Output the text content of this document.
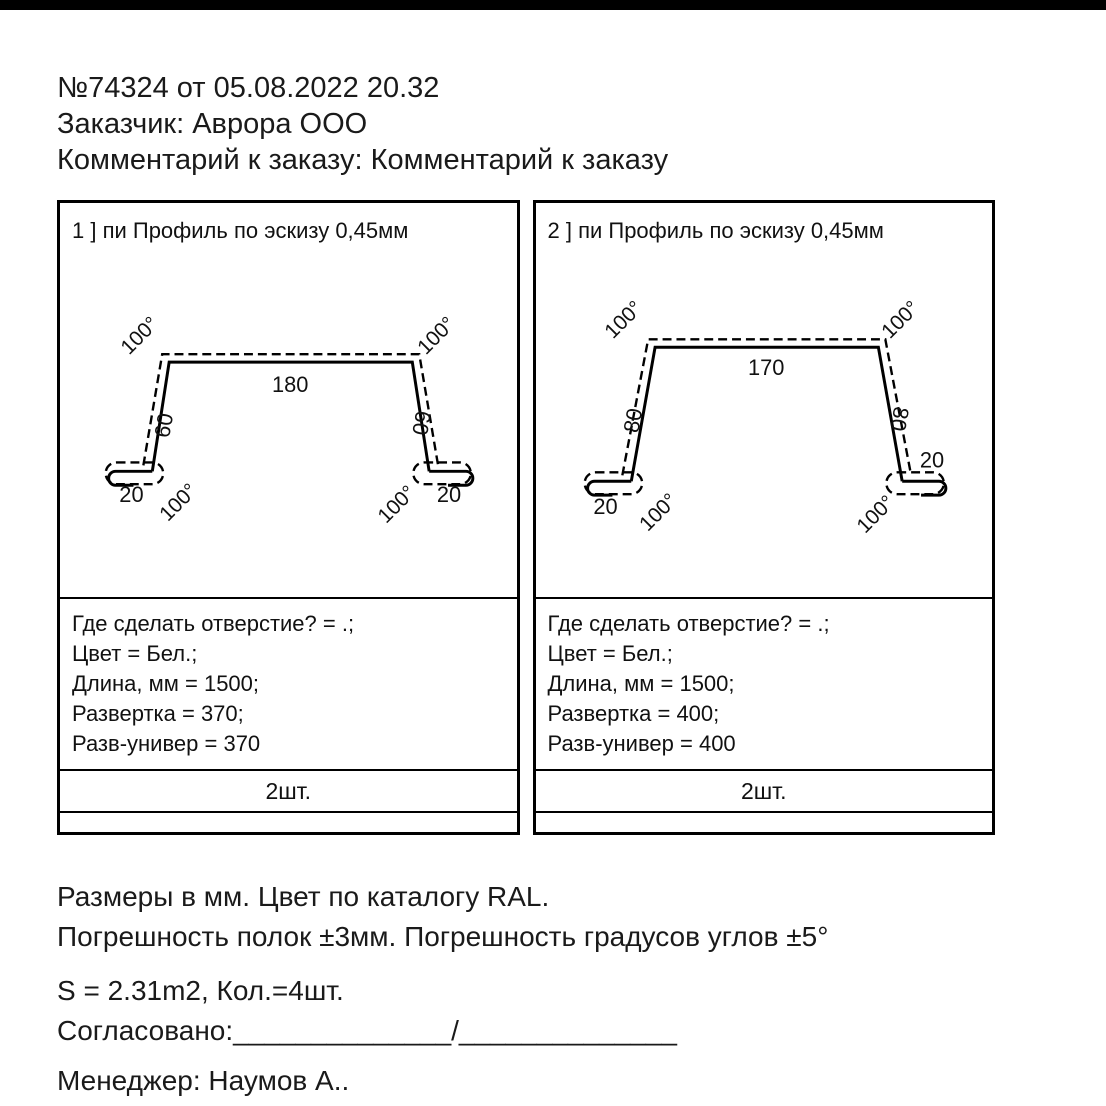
№74324 от 05.08.2022 20.32
Заказчик: Аврора ООО
Комментарий к заказу: Комментарий к заказу
1 ] пи Профиль по эскизу 0,45мм
180
60	60
20	20
100°	100°
100°	100°
Где сделать отверстие? = .;
Цвет = Бел.;
Длина, мм = 1500;
Развертка = 370;
Разв-универ = 370
2шт.
2 ] пи Профиль по эскизу 0,45мм
170
80	80
20
20
100°	100°
100°	100°
Где сделать отверстие? = .;
Цвет = Бел.;
Длина, мм = 1500;
Развертка = 400;
Разв-универ = 400
2шт.
Размеры в мм. Цвет по каталогу RAL.
Погрешность полок ±3мм. Погрешность градусов углов ±5°
S = 2.31m2, Кол.=4шт.
Согласовано:______________/______________
Менеджер: Наумов А..
